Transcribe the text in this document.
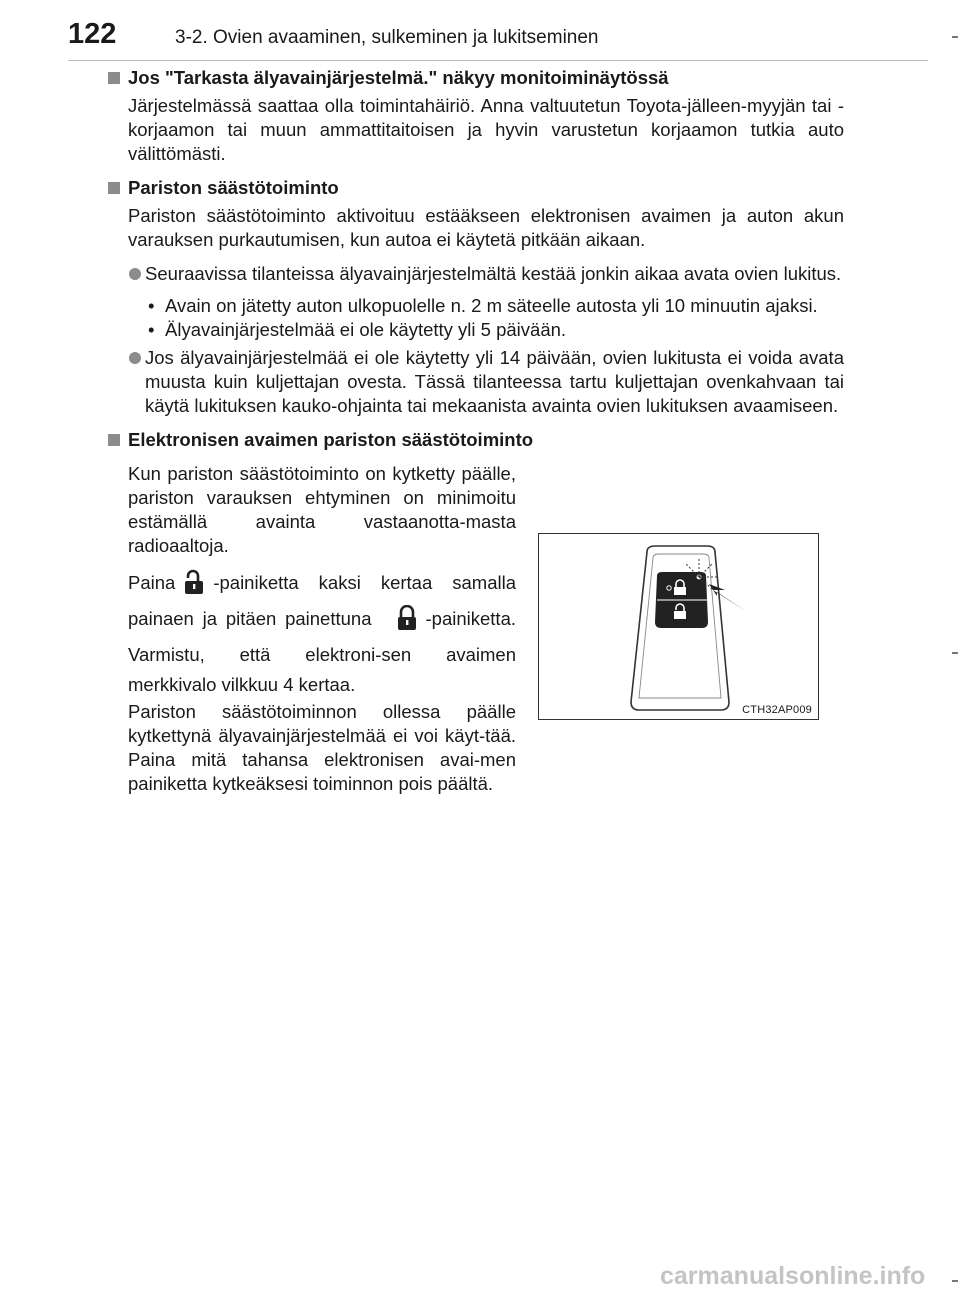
122	3-2. Ovien avaaminen, sulkeminen ja lukitseminen
Jos "Tarkasta älyavainjärjestelmä." näkyy monitoiminäytössä

Järjestelmässä saattaa olla toimintahäiriö. Anna valtuutetun Toyota-jälleen-myyjän tai -korjaamon tai muun ammattitaitoisen ja hyvin varustetun korjaamon tutkia auto välittömästi.

Pariston säästötoiminto

Pariston säästötoiminto aktivoituu estääkseen elektronisen avaimen ja auton akun varauksen purkautumisen, kun autoa ei käytetä pitkään aikaan.

Seuraavissa tilanteissa älyavainjärjestelmältä kestää jonkin aikaa avata ovien lukitus.
• Avain on jätetty auton ulkopuolelle n. 2 m säteelle autosta yli 10 minuutin ajaksi.
• Älyavainjärjestelmää ei ole käytetty yli 5 päivään.
Jos älyavainjärjestelmää ei ole käytetty yli 14 päivään, ovien lukitusta ei voida avata muusta kuin kuljettajan ovesta. Tässä tilanteessa tartu kuljettajan ovenkahvaan tai käytä lukituksen kauko-ohjainta tai mekaanista avainta ovien lukituksen avaamiseen.
Elektronisen avaimen pariston säästötoiminto

Kun pariston säästötoiminto on kytketty päälle, pariston varauksen ehtyminen on minimoitu estämällä avainta vastaanotta-masta radioaaltoja.

Paina -painiketta kaksi kertaa samalla painaen ja pitäen painettuna	-painiketta. Varmistu, että elektroni-sen avaimen merkkivalo vilkkuu 4 kertaa.

Pariston säästötoiminnon ollessa päälle kytkettynä älyavainjärjestelmää ei voi käyt-tää. Paina mitä tahansa elektronisen avai-men painiketta kytkeäksesi toiminnon pois päältä.

CTH32AP009
carmanualsonline.info
